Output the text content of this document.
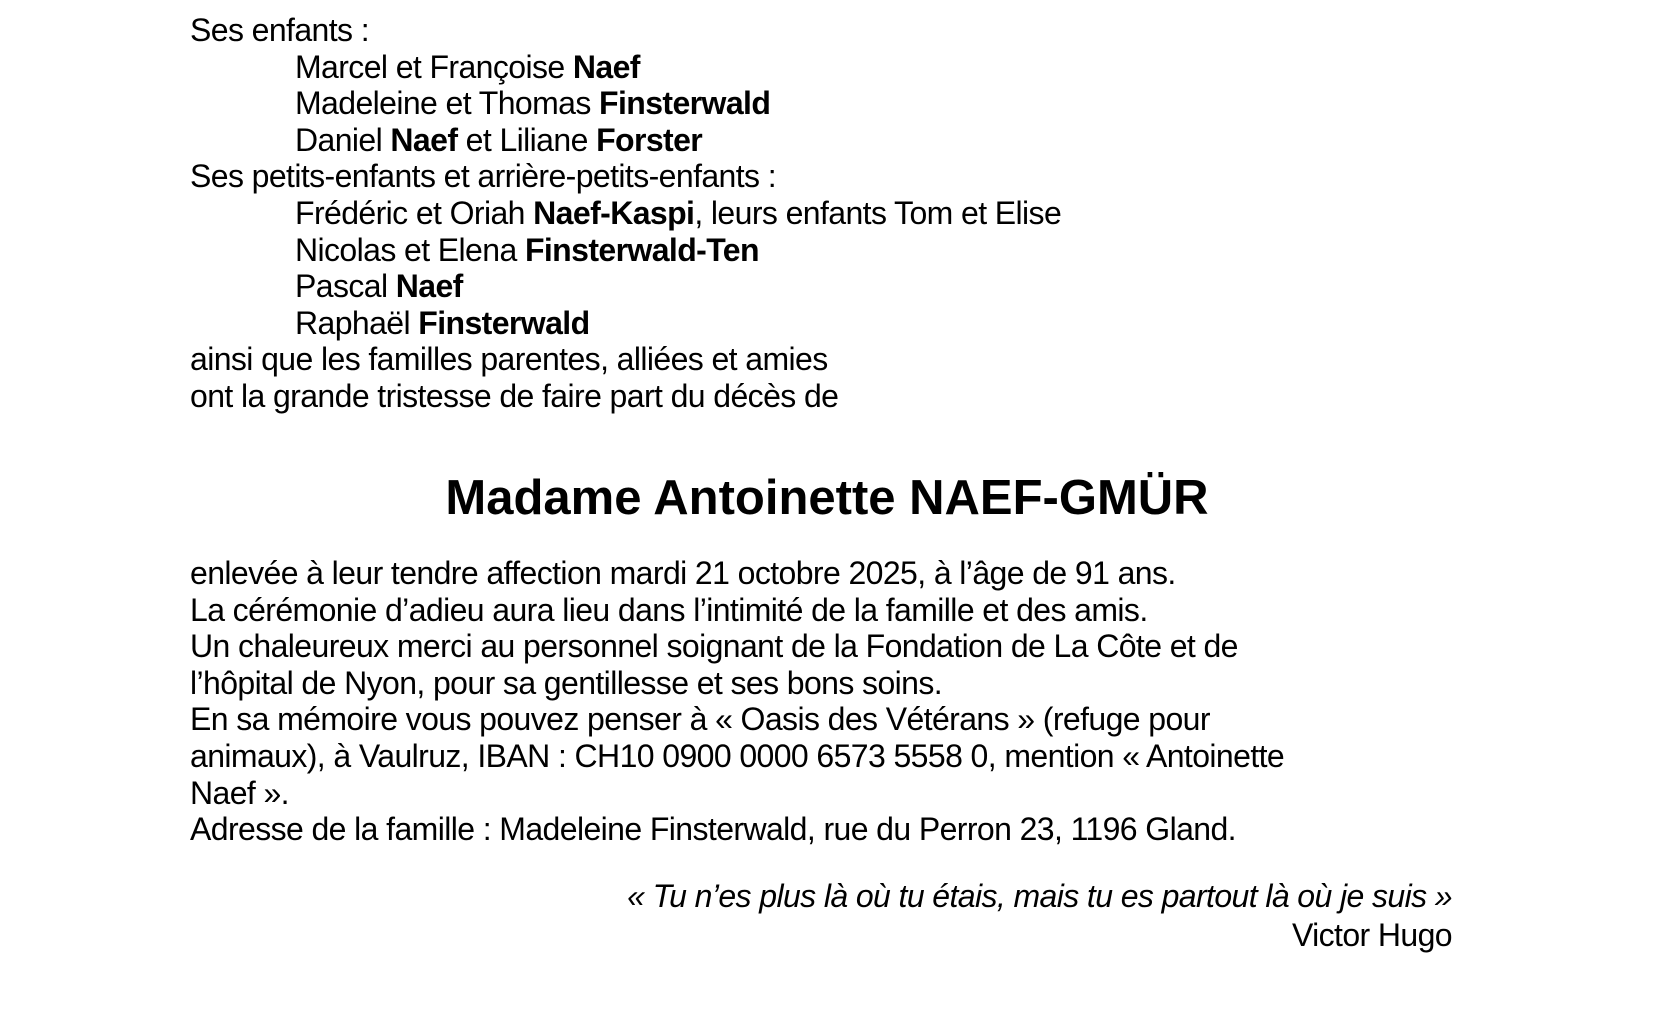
Ses enfants :
Marcel et Françoise Naef
Madeleine et Thomas Finsterwald
Daniel Naef et Liliane Forster
Ses petits-enfants et arrière-petits-enfants :
Frédéric et Oriah Naef-Kaspi, leurs enfants Tom et Elise
Nicolas et Elena Finsterwald-Ten
Pascal Naef
Raphaël Finsterwald
ainsi que les familles parentes, alliées et amies
ont la grande tristesse de faire part du décès de
Madame Antoinette NAEF-GMÜR
enlevée à leur tendre affection mardi 21 octobre 2025, à l’âge de 91 ans.
La cérémonie d’adieu aura lieu dans l’intimité de la famille et des amis.
Un chaleureux merci au personnel soignant de la Fondation de La Côte et de
l’hôpital de Nyon, pour sa gentillesse et ses bons soins.
En sa mémoire vous pouvez penser à « Oasis des Vétérans » (refuge pour
animaux), à Vaulruz, IBAN : CH10 0900 0000 6573 5558 0, mention « Antoinette
Naef ».
Adresse de la famille : Madeleine Finsterwald, rue du Perron 23, 1196 Gland.
« Tu n’es plus là où tu étais, mais tu es partout là où je suis »
Victor Hugo
